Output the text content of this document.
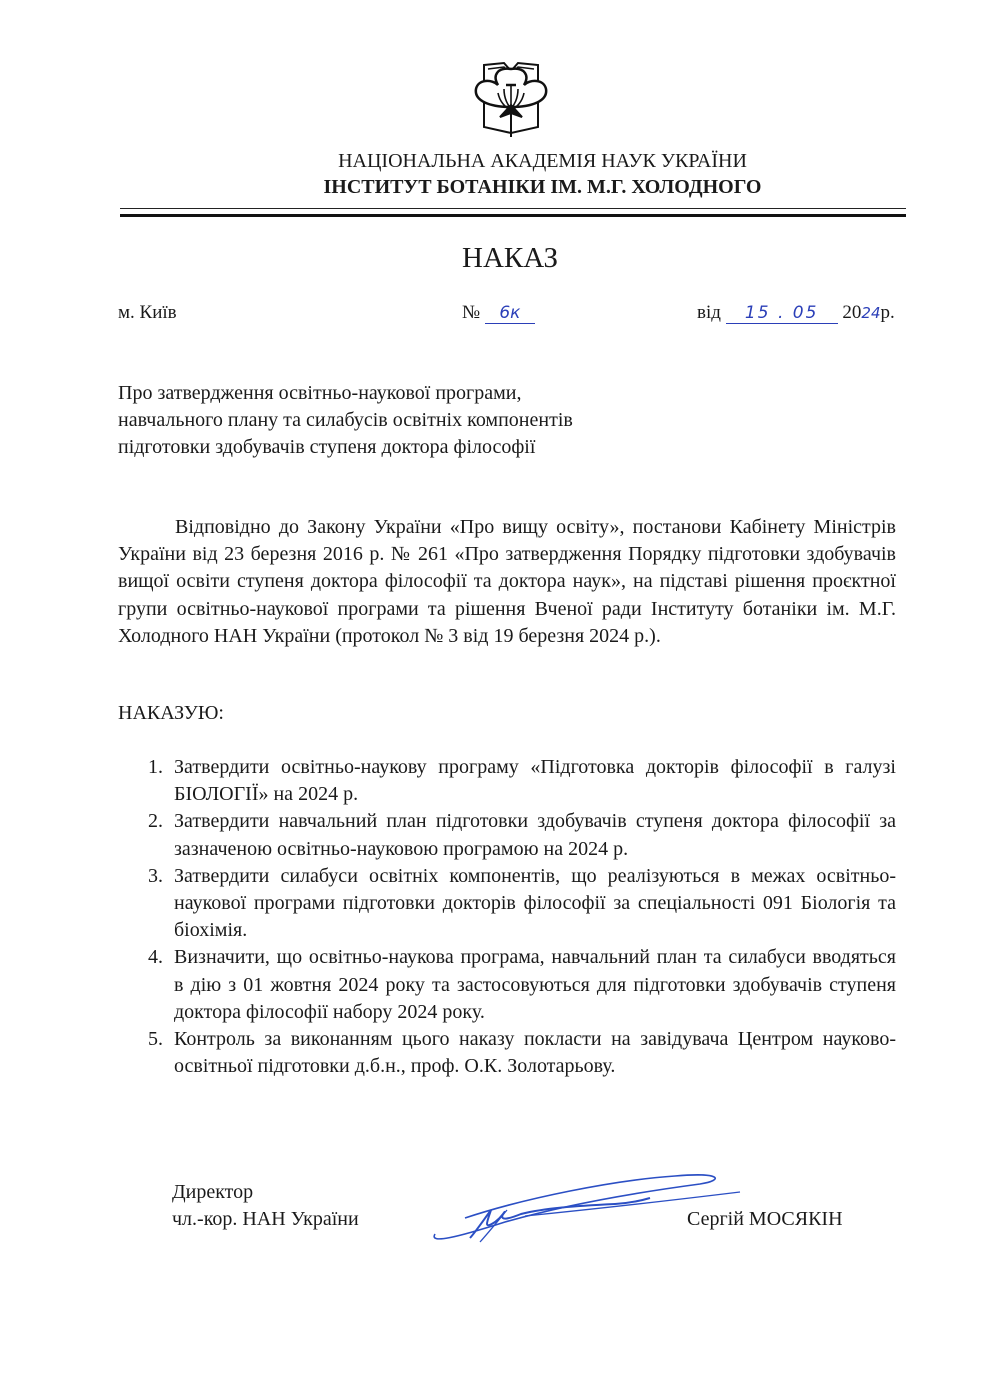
НАЦІОНАЛЬНА АКАДЕМІЯ НАУК УКРАЇНИ
ІНСТИТУТ БОТАНІКИ ІМ. М.Г. ХОЛОДНОГО
НАКАЗ
м. Київ	№ 6к	від 15 . 05 2024р.
Про затвердження освітньо-наукової програми,
навчального плану та силабусів освітніх компонентів
підготовки здобувачів ступеня доктора філософії
Відповідно до Закону України «Про вищу освіту», постанови Кабінету Міністрів України від 23 березня 2016 р. № 261 «Про затвердження Порядку підготовки здобувачів вищої освіти ступеня доктора філософії та доктора наук», на підставі рішення проєктної групи освітньо-наукової програми та рішення Вченої ради Інституту ботаніки ім. М.Г. Холодного НАН України (протокол № 3 від 19 березня 2024 р.).
НАКАЗУЮ:
1. Затвердити освітньо-наукову програму «Підготовка докторів філософії в галузі БІОЛОГІЇ» на 2024 р.
2. Затвердити навчальний план підготовки здобувачів ступеня доктора філософії за зазначеною освітньо-науковою програмою на 2024 р.
3. Затвердити силабуси освітніх компонентів, що реалізуються в межах освітньо-наукової програми підготовки докторів філософії за спеціальності 091 Біологія та біохімія.
4. Визначити, що освітньо-наукова програма, навчальний план та силабуси вводяться в дію з 01 жовтня 2024 року та застосовуються для підготовки здобувачів ступеня доктора філософії набору 2024 року.
5. Контроль за виконанням цього наказу покласти на завідувача Центром науково-освітньої підготовки д.б.н., проф. О.К. Золотарьову.
Директор
чл.-кор. НАН України	Сергій МОСЯКІН
